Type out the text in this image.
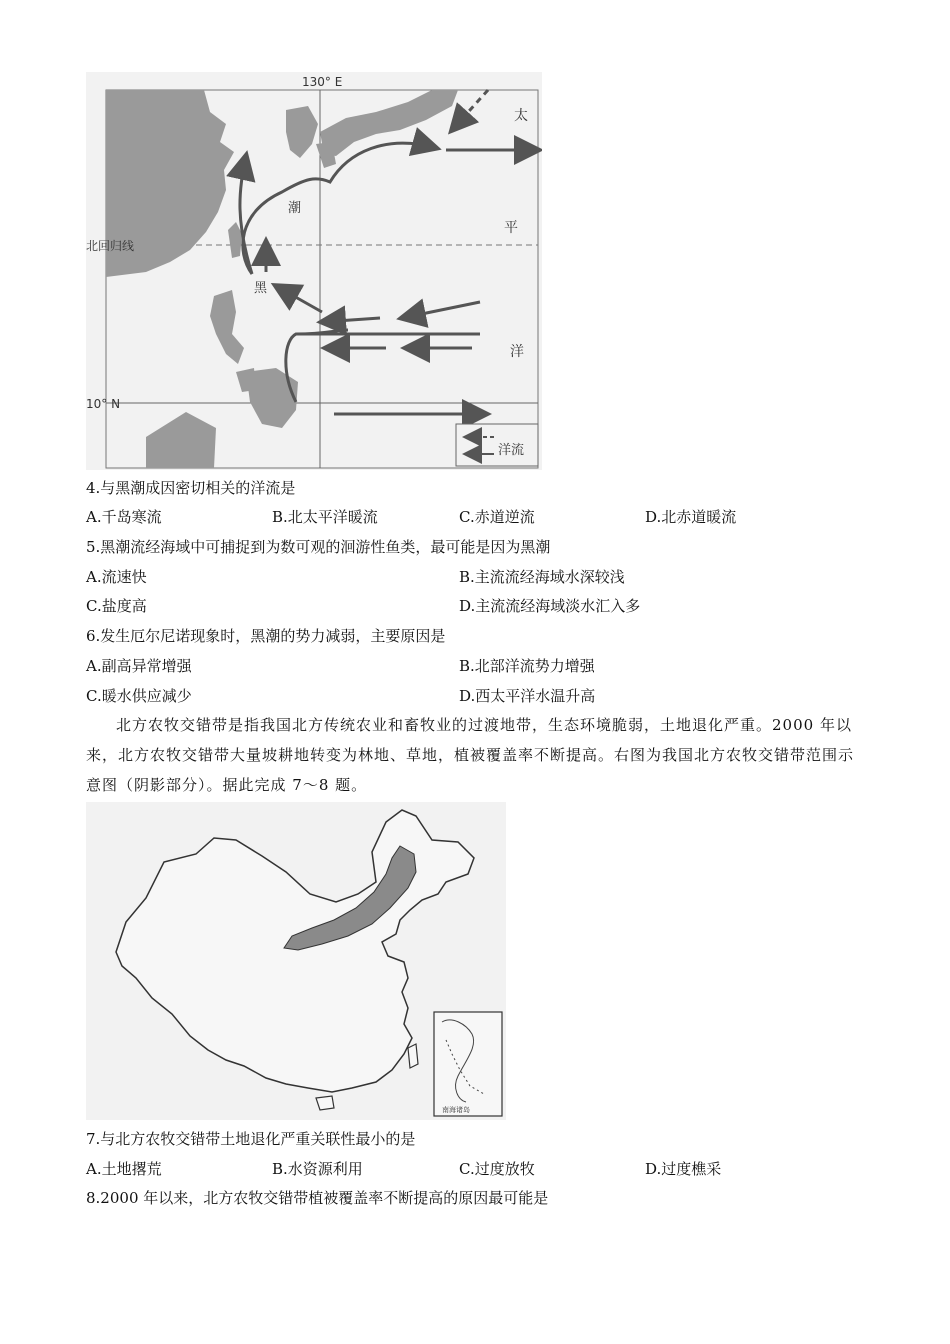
130° E
北回归线
10° N
潮
黑
太
平
洋
洋流
4.与黑潮成因密切相关的洋流是
A.千岛寒流	B.北太平洋暖流	C.赤道逆流	D.北赤道暖流
5.黑潮流经海域中可捕捉到为数可观的洄游性鱼类，最可能是因为黑潮
A.流速快	B.主流流经海域水深较浅
C.盐度高	D.主流流经海域淡水汇入多
6.发生厄尔尼诺现象时，黑潮的势力减弱，主要原因是
A.副高异常增强	B.北部洋流势力增强
C.暖水供应减少	D.西太平洋水温升高
北方农牧交错带是指我国北方传统农业和畜牧业的过渡地带，生态环境脆弱，土地退化严重。2000 年以来，北方农牧交错带大量坡耕地转变为林地、草地，植被覆盖率不断提高。右图为我国北方农牧交错带范围示意图（阴影部分）。据此完成 7～8 题。
南海诸岛
7.与北方农牧交错带土地退化严重关联性最小的是
A.土地撂荒	B.水资源利用	C.过度放牧	D.过度樵采
8.2000 年以来，北方农牧交错带植被覆盖率不断提高的原因最可能是
